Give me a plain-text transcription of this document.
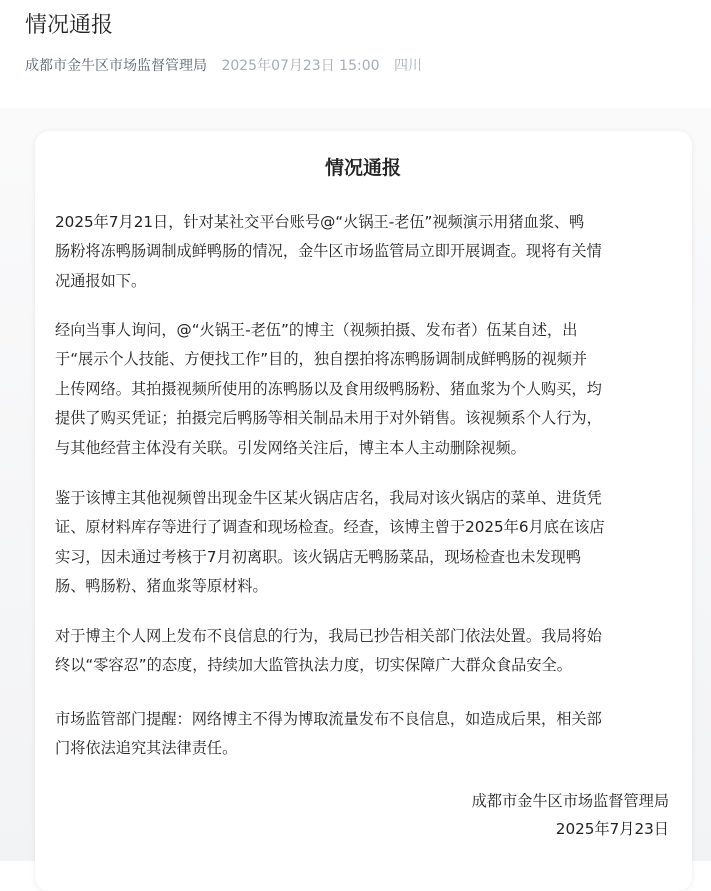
情况通报
成都市金牛区市场监督管理局 2025年07月23日 15:00 四川
情况通报
2025年7月21日，针对某社交平台账号@“火锅王-老伍”视频演示用猪血浆、鸭
肠粉将冻鸭肠调制成鲜鸭肠的情况，金牛区市场监管局立即开展调查。现将有关情
况通报如下。
经向当事人询问，@“火锅王-老伍”的博主（视频拍摄、发布者）伍某自述，出
于“展示个人技能、方便找工作”目的，独自摆拍将冻鸭肠调制成鲜鸭肠的视频并
上传网络。其拍摄视频所使用的冻鸭肠以及食用级鸭肠粉、猪血浆为个人购买，均
提供了购买凭证；拍摄完后鸭肠等相关制品未用于对外销售。该视频系个人行为，
与其他经营主体没有关联。引发网络关注后，博主本人主动删除视频。
鉴于该博主其他视频曾出现金牛区某火锅店店名，我局对该火锅店的菜单、进货凭
证、原材料库存等进行了调查和现场检查。经查，该博主曾于2025年6月底在该店
实习，因未通过考核于7月初离职。该火锅店无鸭肠菜品，现场检查也未发现鸭
肠、鸭肠粉、猪血浆等原材料。
对于博主个人网上发布不良信息的行为，我局已抄告相关部门依法处置。我局将始
终以“零容忍”的态度，持续加大监管执法力度，切实保障广大群众食品安全。
市场监管部门提醒：网络博主不得为博取流量发布不良信息，如造成后果，相关部
门将依法追究其法律责任。
成都市金牛区市场监督管理局
2025年7月23日
